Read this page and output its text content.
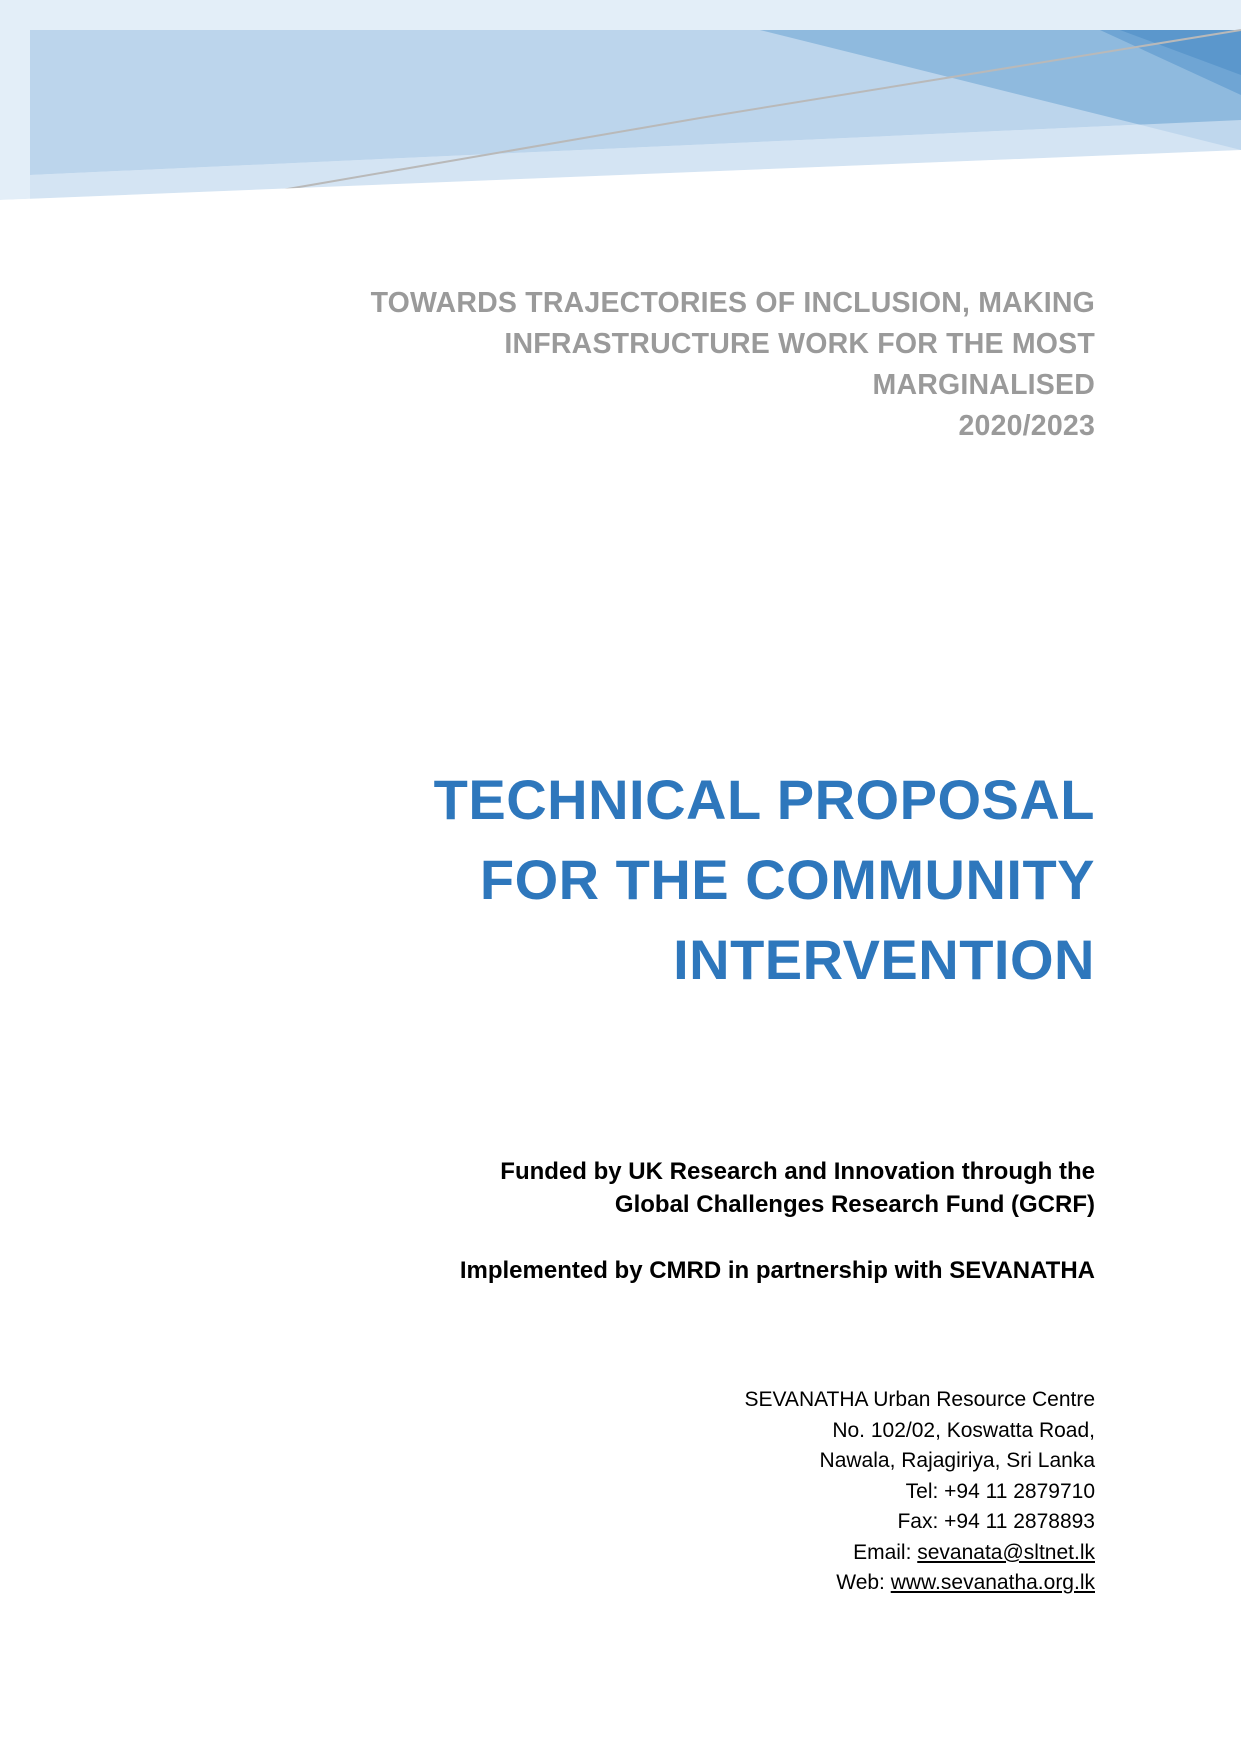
TOWARDS TRAJECTORIES OF INCLUSION, MAKING
INFRASTRUCTURE WORK FOR THE MOST
MARGINALISED
2020/2023
TECHNICAL PROPOSAL
FOR THE COMMUNITY
INTERVENTION
Funded by UK Research and Innovation through the
Global Challenges Research Fund (GCRF)
Implemented by CMRD in partnership with SEVANATHA
SEVANATHA Urban Resource Centre
No. 102/02, Koswatta Road,
Nawala, Rajagiriya, Sri Lanka
Tel: +94 11 2879710
Fax: +94 11 2878893
Email: sevanata@sltnet.lk
Web: www.sevanatha.org.lk
